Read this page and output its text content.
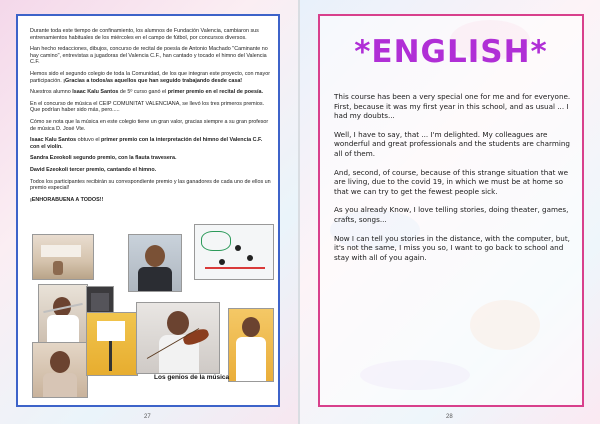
Durante toda este tiempo de confinamiento, los alumnos de Fundación Valencia, cambiaron sus entrenamientos habituales de los miércoles en el campo de fútbol, por concursos diversos.

Han hecho redacciones, dibujos, concurso de recital de poesía de Antonio Machado "Caminante no hay camino", entrevistas a jugadoras del Valencia C.F., han cantado y tocado el himno del Valencia C.F.

Hemos sido el segundo colegio de toda la Comunidad, de los que integran este proyecto, con mayor participación. ¡Gracias a todos/as aquellos que han seguido trabajando desde casa!

Nuestros alumno Isaac Kalu Santos de 5º curso ganó el primer premio en el recital de poesía.

En el concurso de música el CEIP COMUNITAT VALENCIANA, se llevó los tres primeros premios. Que podrían haber sido más, pero.....

Cómo se nota que la música en este colegio tiene un gran valor, gracias siempre a su gran profesor de música D. José Vte.

Isaac Kalu Santos obtuvo el primer premio con la interpretación del himno del Valencia C.F. con el violín.

Sandra Ezeokoli segundo premio, con la flauta travesera.

David Ezeokoli tercer premio, cantando el himno.

Todos los participantes recibirán su correspondiente premio y las ganadores de cada uno de ellos un premio especial!

¡ENHORABUENA A TODOS!!

Los genios de la música
27
*ENGLISH*

This course has been a very special one for me and for everyone.
First, because it was my first year in this school, and as usual ... I had my doubts...

Well, I have to say, that ... I'm delighted. My colleagues are wonderful and great professionals and the students are charming all of them.

And, second, of course, because of this strange situation that we are living, due to the covid 19, in which we must be at home so that we can try to get the fewest people sick.

As you already Know, I love telling stories, doing theater, games, crafts, songs...

Now I can tell you stories in the distance, with the computer, but, it's not the same, I miss you so, I want to go back to school and stay with all of you again.

28
